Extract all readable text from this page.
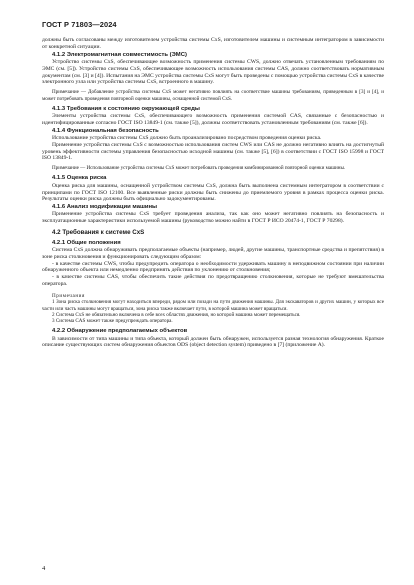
ГОСТ Р 71803—2024

должны быть согласованы между изготовителем устройства системы CxS, изготовителем машины и системным интегратором в зависимости от конкретной ситуации.

4.1.2 Электромагнитная совместимость (ЭМС)

Устройство системы CxS, обеспечивающее возможность применения системы CWS, должно отвечать установленным требованиям по ЭМС (см. [5]). Устройство системы CxS, обеспечивающее возможность использования системы CAS, должно соответствовать нормативным документам (см. [3] и [4]). Испытания на ЭМС устройства системы CxS могут быть проведены с помощью устройства системы CxS в качестве электронного узла или устройства системы CxS, встроенного в машину.

Примечание — Добавление устройства системы CxS может негативно повлиять на соответствие машины требованиям, приведенным в [3] и [4], и может потребовать проведения повторной оценки машины, оснащенной системой CxS.

4.1.3 Требования к состоянию окружающей среды

Элементы устройства системы CxS, обеспечивающего возможность применения системой CAS, связанные с безопасностью и идентифицированные согласно ГОСТ ISO 13849-1 (см. также [5]), должны соответствовать установленным требованиям (см. также [6]).

4.1.4 Функциональная безопасность

Использование устройства системы CxS должно быть проанализировано посредством проведения оценки риска.

Применение устройства системы CxS с возможностью использования систем CWS или CAS не должно негативно влиять на достигнутый уровень эффективности системы управления безопасностью исходной машины (см. также [5], [6]) в соответствии с ГОСТ ISO 15998 и ГОСТ ISO 13849-1.

Примечание — Использование устройства системы CxS может потребовать проведения комбинированной повторной оценки машины.

4.1.5 Оценка риска

Оценка риска для машины, оснащенной устройством системы CxS, должна быть выполнена системным интегратором в соответствии с принципами по ГОСТ ISO 12100. Все выявленные риски должны быть снижены до приемлемого уровня в рамках процесса оценки риска. Результаты оценки риска должны быть официально задокументированы.

4.1.6 Анализ модификации машины

Применение устройства системы CxS требует проведения анализа, так как оно может негативно повлиять на безопасность и эксплуатационные характеристики используемой машины (руководство можно найти в ГОСТ Р ИСО 20474-1, ГОСТ Р 70298).

4.2 Требования к системе CxS
4.2.1 Общие положения

Система CxS должна обнаруживать предполагаемые объекты (например, людей, другие машины, транспортные средства и препятствия) в зоне риска столкновения и функционировать следующим образом:

- в качестве системы CWS, чтобы предупредить оператора о необходимости удерживать машину в неподвижном состоянии при наличии обнаруженного объекта или немедленно предпринять действия по уклонению от столкновения;

- в качестве системы CAS, чтобы обеспечить такие действия по предотвращению столкновения, которые не требуют вмешательства оператора.

Примечания

1 Зона риска столкновения могут находиться впереди, рядом или позади на пути движения машины. Для экскаваторов и других машин, у которых все части или часть машины могут вращаться, зона риска также включает пути, в которой машина может вращаться.

2 Система CxS не обязательно включена в себе всех областях движения, но которой машина может перемещаться.

3 Система CAS может также предупреждать оператора.

4.2.2 Обнаружение предполагаемых объектов

В зависимости от типа машины и типа объекта, который должен быть обнаружен, используется разная технология обнаружения. Краткое описание существующих систем обнаружения объектов ODS (object detection system) приведено в [7] (приложение А).

4
